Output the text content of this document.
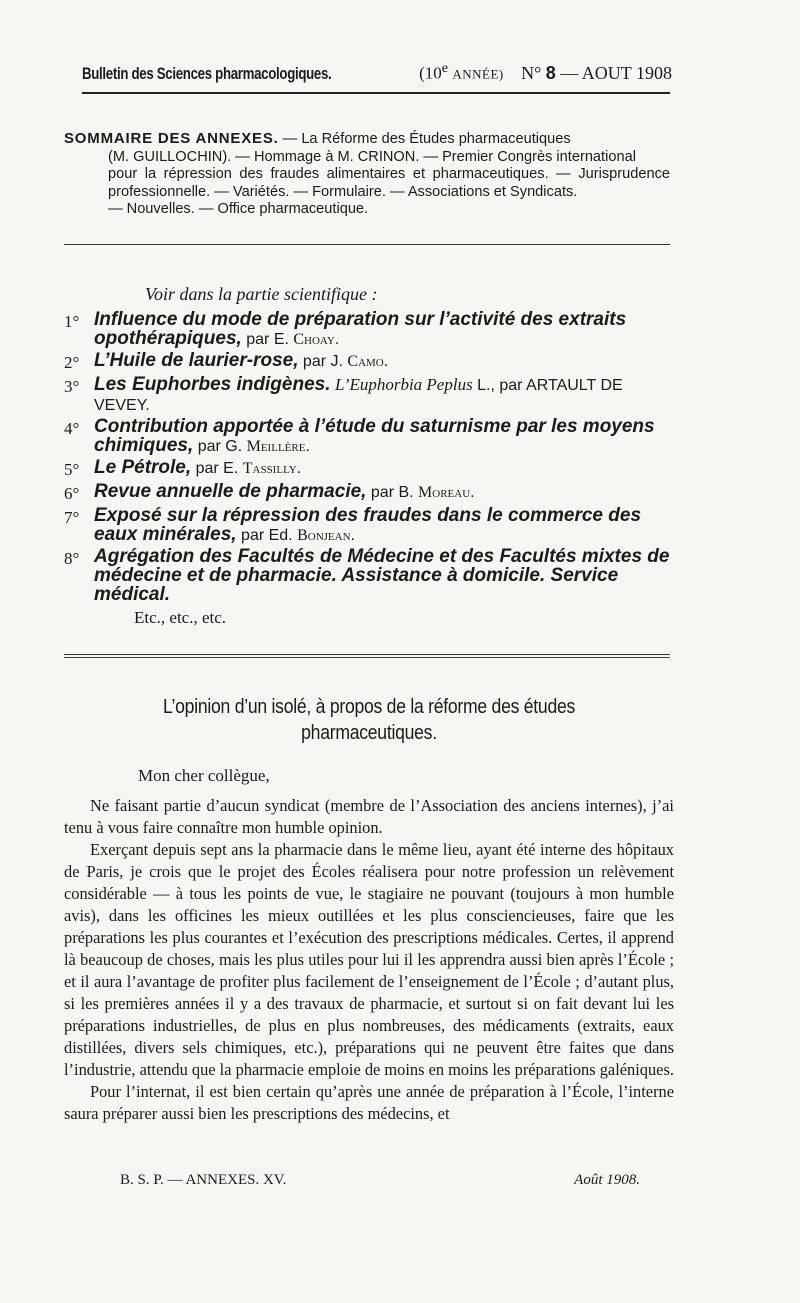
Bulletin des Sciences pharmacologiques.	(10e ANNÉE) N° 8 — AOUT 1908
SOMMAIRE DES ANNEXES. — La Réforme des Études pharmaceutiques
(M. GUILLOCHIN). — Hommage à M. CRINON. — Premier Congrès international
pour la répression des fraudes alimentaires et pharmaceutiques. — Jurisprudence professionnelle. — Variétés. — Formulaire. — Associations et Syndicats.
— Nouvelles. — Office pharmaceutique.
Voir dans la partie scientifique :
1° Influence du mode de préparation sur l’activité des extraits opothérapiques, par E. Choay.
2° L’Huile de laurier-rose, par J. Camo.
3° Les Euphorbes indigènes. L’Euphorbia Peplus L., par ARTAULT DE VEVEY.
4° Contribution apportée à l’étude du saturnisme par les moyens chimiques, par G. Meillère.
5° Le Pétrole, par E. Tassilly.
6° Revue annuelle de pharmacie, par B. Moreau.
7° Exposé sur la répression des fraudes dans le commerce des eaux minérales, par Ed. Bonjean.
8° Agrégation des Facultés de Médecine et des Facultés mixtes de médecine et de pharmacie. Assistance à domicile. Service médical.
Etc., etc., etc.
L’opinion d’un isolé, à propos de la réforme des études
pharmaceutiques.
Mon cher collègue,

Ne faisant partie d’aucun syndicat (membre de l’Association des anciens internes), j’ai tenu à vous faire connaître mon humble opinion.

Exerçant depuis sept ans la pharmacie dans le même lieu, ayant été interne des hôpitaux de Paris, je crois que le projet des Écoles réalisera pour notre profession un relèvement considérable — à tous les points de vue, le stagiaire ne pouvant (toujours à mon humble avis), dans les officines les mieux outillées et les plus consciencieuses, faire que les préparations les plus courantes et l’exécution des prescriptions médicales. Certes, il apprend là beaucoup de choses, mais les plus utiles pour lui il les apprendra aussi bien après l’École ; et il aura l’avantage de profiter plus facilement de l’enseignement de l’École ; d’autant plus, si les premières années il y a des travaux de pharmacie, et surtout si on fait devant lui les préparations industrielles, de plus en plus nombreuses, des médicaments (extraits, eaux distillées, divers sels chimiques, etc.), préparations qui ne peuvent être faites que dans l’industrie, attendu que la pharmacie emploie de moins en moins les préparations galéniques.

Pour l’internat, il est bien certain qu’après une année de préparation à l’École, l’interne saura préparer aussi bien les prescriptions des médecins, et

B. S. P. — ANNEXES. XV.	Août 1908.
